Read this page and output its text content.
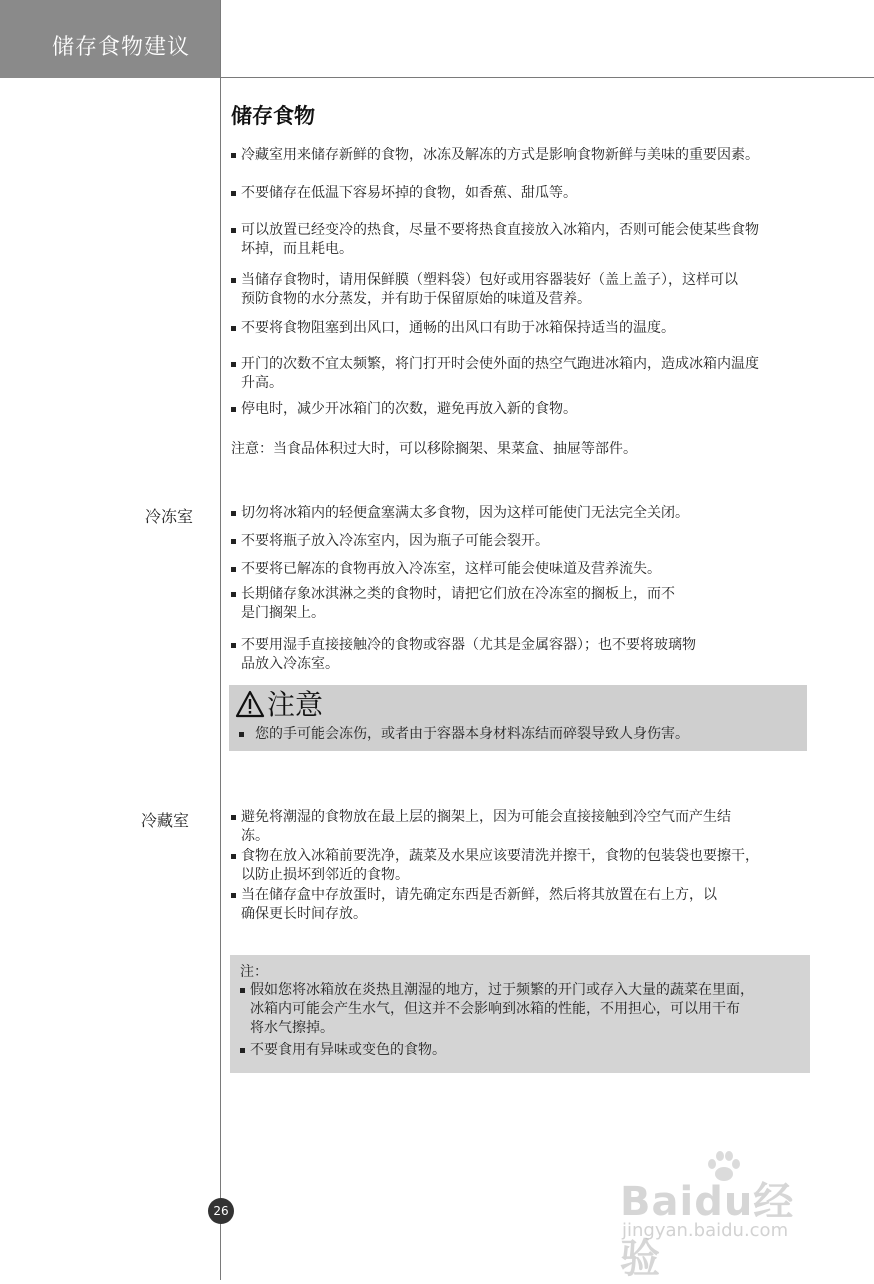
储存食物建议
储存食物
冷藏室用来储存新鲜的食物，冰冻及解冻的方式是影响食物新鲜与美味的重要因素。
不要储存在低温下容易坏掉的食物，如香蕉、甜瓜等。
可以放置已经变冷的热食，尽量不要将热食直接放入冰箱内，否则可能会使某些食物
坏掉，而且耗电。
当储存食物时，请用保鲜膜（塑料袋）包好或用容器装好（盖上盖子），这样可以
预防食物的水分蒸发，并有助于保留原始的味道及营养。
不要将食物阻塞到出风口，通畅的出风口有助于冰箱保持适当的温度。
开门的次数不宜太频繁，将门打开时会使外面的热空气跑进冰箱内，造成冰箱内温度
升高。
停电时，减少开冰箱门的次数，避免再放入新的食物。
注意：当食品体积过大时，可以移除搁架、果菜盒、抽屉等部件。
冷冻室	切勿将冰箱内的轻便盒塞满太多食物，因为这样可能使门无法完全关闭。
不要将瓶子放入冷冻室内，因为瓶子可能会裂开。
不要将已解冻的食物再放入冷冻室，这样可能会使味道及营养流失。
长期储存象冰淇淋之类的食物时，请把它们放在冷冻室的搁板上，而不
是门搁架上。
不要用湿手直接接触冷的食物或容器（尤其是金属容器）；也不要将玻璃物
品放入冷冻室。
注意
您的手可能会冻伤，或者由于容器本身材料冻结而碎裂导致人身伤害。
冷藏室	避免将潮湿的食物放在最上层的搁架上，因为可能会直接接触到冷空气而产生结
冻。
食物在放入冰箱前要洗净，蔬菜及水果应该要清洗并擦干，食物的包装袋也要擦干，
以防止损坏到邻近的食物。
当在储存盒中存放蛋时，请先确定东西是否新鲜，然后将其放置在右上方，以
确保更长时间存放。
注：
假如您将冰箱放在炎热且潮湿的地方，过于频繁的开门或存入大量的蔬菜在里面，
冰箱内可能会产生水气，但这并不会影响到冰箱的性能，不用担心，可以用干布
将水气擦掉。
不要食用有异味或变色的食物。
26	Baidu经验
jingyan.baidu.com
